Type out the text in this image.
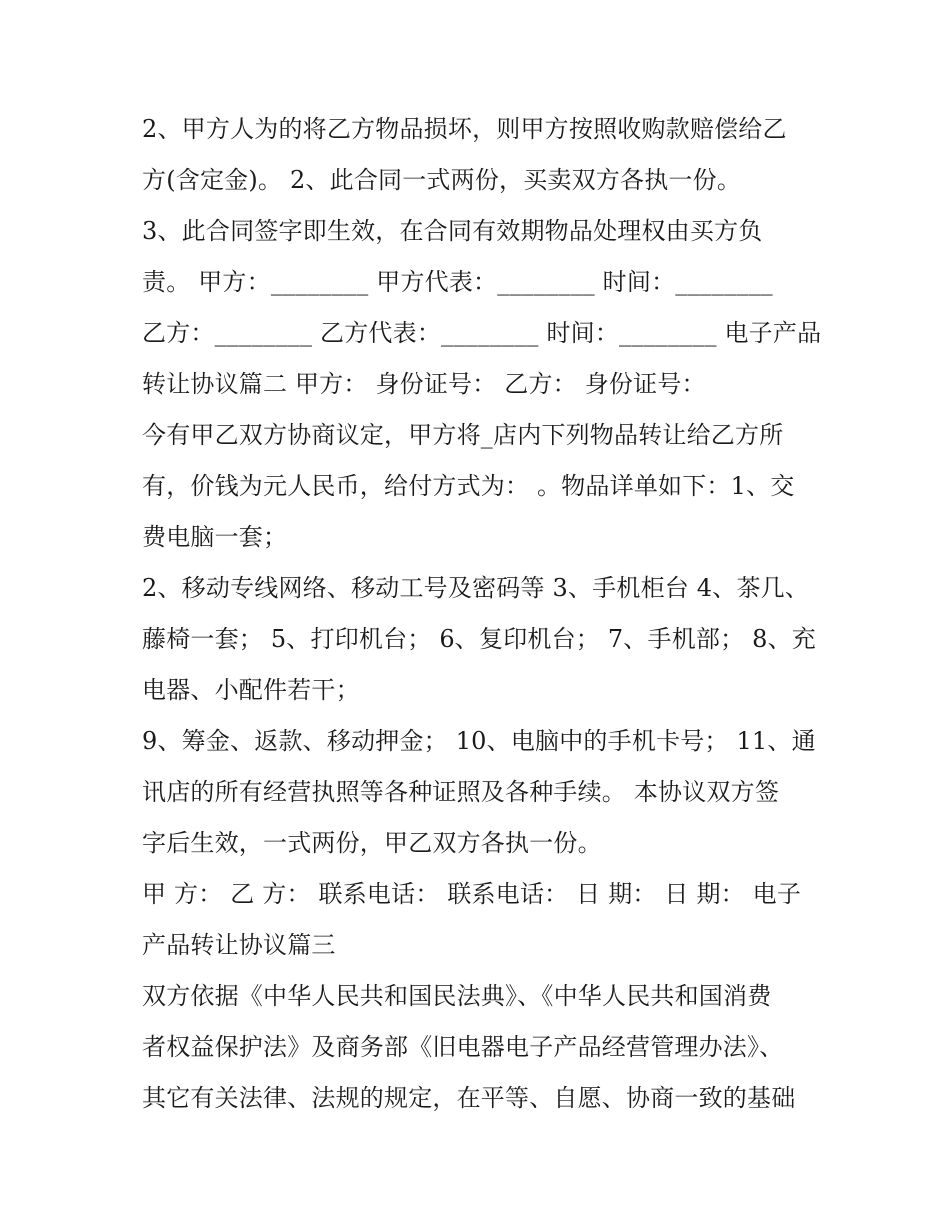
2、甲方人为的将乙方物品损坏，则甲方按照收购款赔偿给乙
方(含定金)。 2、此合同一式两份，买卖双方各执一份。
3、此合同签字即生效，在合同有效期物品处理权由买方负
责。 甲方：________ 甲方代表：________ 时间：________
乙方：________ 乙方代表：________ 时间：________ 电子产品
转让协议篇二 甲方： 身份证号： 乙方： 身份证号：
今有甲乙双方协商议定，甲方将_店内下列物品转让给乙方所
有，价钱为元人民币，给付方式为： 。物品详单如下：1、交
费电脑一套；
2、移动专线网络、移动工号及密码等 3、手机柜台 4、茶几、
藤椅一套； 5、打印机台； 6、复印机台； 7、手机部； 8、充
电器、小配件若干；
9、筹金、返款、移动押金； 10、电脑中的手机卡号； 11、通
讯店的所有经营执照等各种证照及各种手续。 本协议双方签
字后生效，一式两份，甲乙双方各执一份。
甲 方： 乙 方： 联系电话： 联系电话： 日 期： 日 期： 电子
产品转让协议篇三
双方依据《中华人民共和国民法典》、《中华人民共和国消费
者权益保护法》及商务部《旧电器电子产品经营管理办法》、
其它有关法律、法规的规定，在平等、自愿、协商一致的基础
